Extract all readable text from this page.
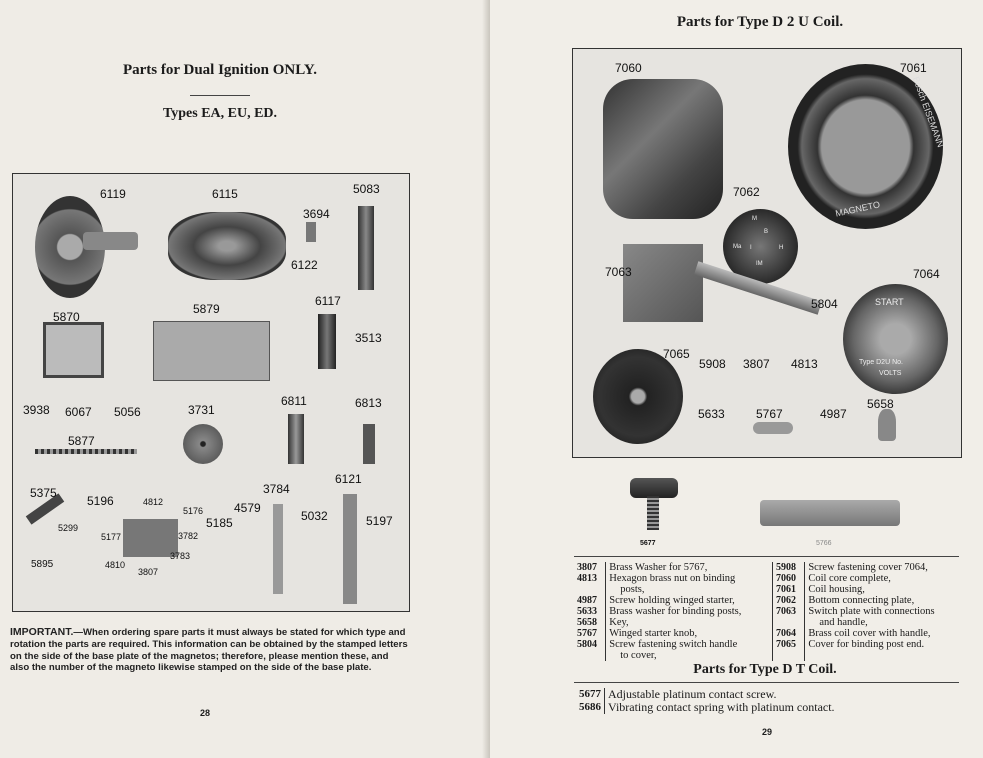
Parts for Dual Ignition ONLY.
Types EA, EU, ED.
6119	6115	5083
3694
6122
6117
5870
5879
3513
3938 6067 5056	3731
6811	6813
5877
5375
5196	4812
5176
5299
5177	3782
3783
4810
3807
5895
5185
4579
3784
5032
6121
5197
IMPORTANT.—When ordering spare parts it must always be stated for which type and rotation the parts are required. This information can be obtained by the stamped letters on the side of the base plate of the magnetos; therefore, please mention these, and also the number of the magneto likewise stamped on the side of the base plate.
28
Parts for Type D 2 U Coil.
Bosch EISEMANN
MAGNETO
M
B
Ma I
IM
H
START
Type D2U No.
VOLTS
7060	7061
7062
7063
5804
7064
7065
5908 3807 4813
5633	5767	4987
5658
5677	5766
3807	Brass Washer for 5767,	5908	Screw fastening cover 7064,
4813	Hexagon brass nut on binding	7060	Coil core complete,
	posts,	7061	Coil housing,
4987	Screw holding winged starter,	7062	Bottom connecting plate,
5633	Brass washer for binding posts,	7063	Switch plate with connections
5658	Key,		and handle,
5767	Winged starter knob,	7064	Brass coil cover with handle,
5804	Screw fastening switch handle	7065	Cover for binding post end.
	to cover,		
Parts for Type D T Coil.
5677	Adjustable platinum contact screw.
5686	Vibrating contact spring with platinum contact.
29
